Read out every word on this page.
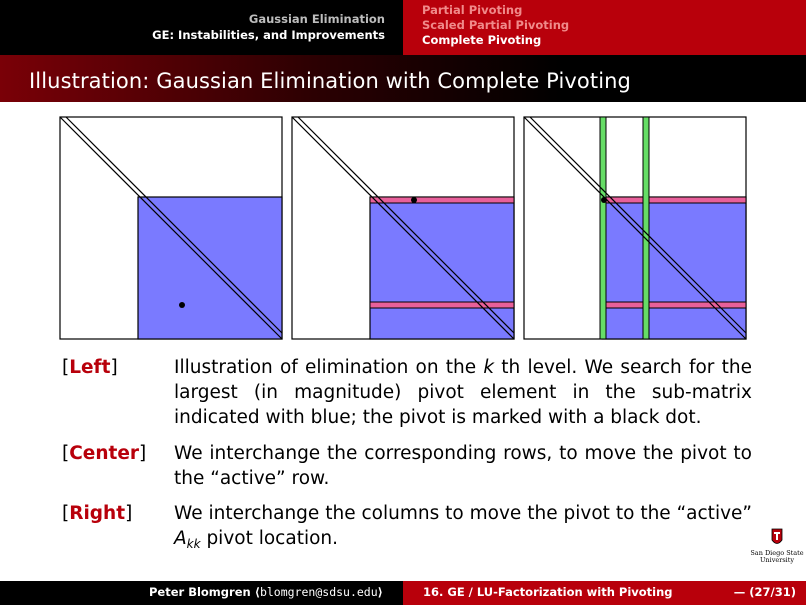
Gaussian Elimination
GE: Instabilities, and Improvements
Partial Pivoting
Scaled Partial Pivoting
Complete Pivoting
Illustration: Gaussian Elimination with Complete Pivoting
[Left]	Illustration of elimination on the k th level. We search for the largest (in magnitude) pivot element in the sub-matrix indicated with blue; the pivot is marked with a black dot.
[Center] We interchange the corresponding rows, to move the pivot to the “active” row.
[Right] We interchange the columns to move the pivot to the “active” $A_{kk}$ pivot location.
San Diego State
University
Peter Blomgren ⟨blomgren@sdsu.edu⟩	16. GE / LU-Factorization with Pivoting	— (27/31)
